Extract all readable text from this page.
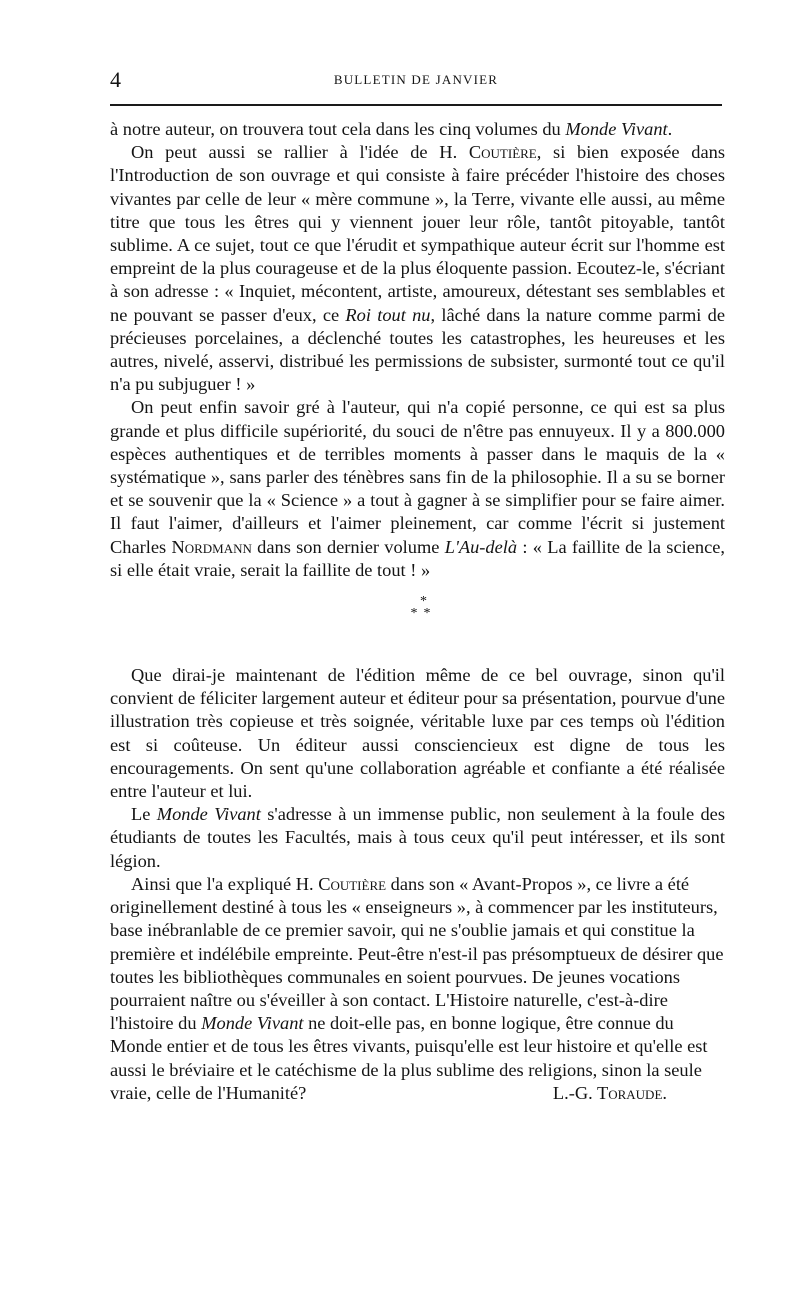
4	BULLETIN DE JANVIER

à notre auteur, on trouvera tout cela dans les cinq volumes du Monde Vivant.

On peut aussi se rallier à l'idée de H. Coutière, si bien exposée dans l'Introduction de son ouvrage et qui consiste à faire précéder l'histoire des choses vivantes par celle de leur « mère commune », la Terre, vivante elle aussi, au même titre que tous les êtres qui y viennent jouer leur rôle, tantôt pitoyable, tantôt sublime. A ce sujet, tout ce que l'érudit et sympathique auteur écrit sur l'homme est empreint de la plus courageuse et de la plus éloquente passion. Ecoutez-le, s'écriant à son adresse : « Inquiet, mécontent, artiste, amoureux, détestant ses semblables et ne pouvant se passer d'eux, ce Roi tout nu, lâché dans la nature comme parmi de précieuses porcelaines, a déclenché toutes les catastrophes, les heureuses et les autres, nivelé, asservi, distribué les permissions de subsister, surmonté tout ce qu'il n'a pu subjuguer ! »

On peut enfin savoir gré à l'auteur, qui n'a copié personne, ce qui est sa plus grande et plus difficile supériorité, du souci de n'être pas ennuyeux. Il y a 800.000 espèces authentiques et de terribles moments à passer dans le maquis de la « systématique », sans parler des ténèbres sans fin de la philosophie. Il a su se borner et se souvenir que la « Science » a tout à gagner à se simplifier pour se faire aimer. Il faut l'aimer, d'ailleurs et l'aimer pleinement, car comme l'écrit si justement Charles Nordmann dans son dernier volume L'Au-delà : « La faillite de la science, si elle était vraie, serait la faillite de tout ! »

*
**

Que dirai-je maintenant de l'édition même de ce bel ouvrage, sinon qu'il convient de féliciter largement auteur et éditeur pour sa présentation, pourvue d'une illustration très copieuse et très soignée, véritable luxe par ces temps où l'édition est si coûteuse. Un éditeur aussi consciencieux est digne de tous les encouragements. On sent qu'une collaboration agréable et confiante a été réalisée entre l'auteur et lui.

Le Monde Vivant s'adresse à un immense public, non seulement à la foule des étudiants de toutes les Facultés, mais à tous ceux qu'il peut intéresser, et ils sont légion.

Ainsi que l'a expliqué H. Coutière dans son « Avant-Propos », ce livre a été originellement destiné à tous les « enseigneurs », à commencer par les instituteurs, base inébranlable de ce premier savoir, qui ne s'oublie jamais et qui constitue la première et indélébile empreinte. Peut-être n'est-il pas présomptueux de désirer que toutes les bibliothèques communales en soient pourvues. De jeunes vocations pourraient naître ou s'éveiller à son contact. L'Histoire naturelle, c'est-à-dire l'histoire du Monde Vivant ne doit-elle pas, en bonne logique, être connue du Monde entier et de tous les êtres vivants, puisqu'elle est leur histoire et qu'elle est aussi le bréviaire et le catéchisme de la plus sublime des religions, sinon la seule vraie, celle de l'Humanité?	L.-G. Toraude.
